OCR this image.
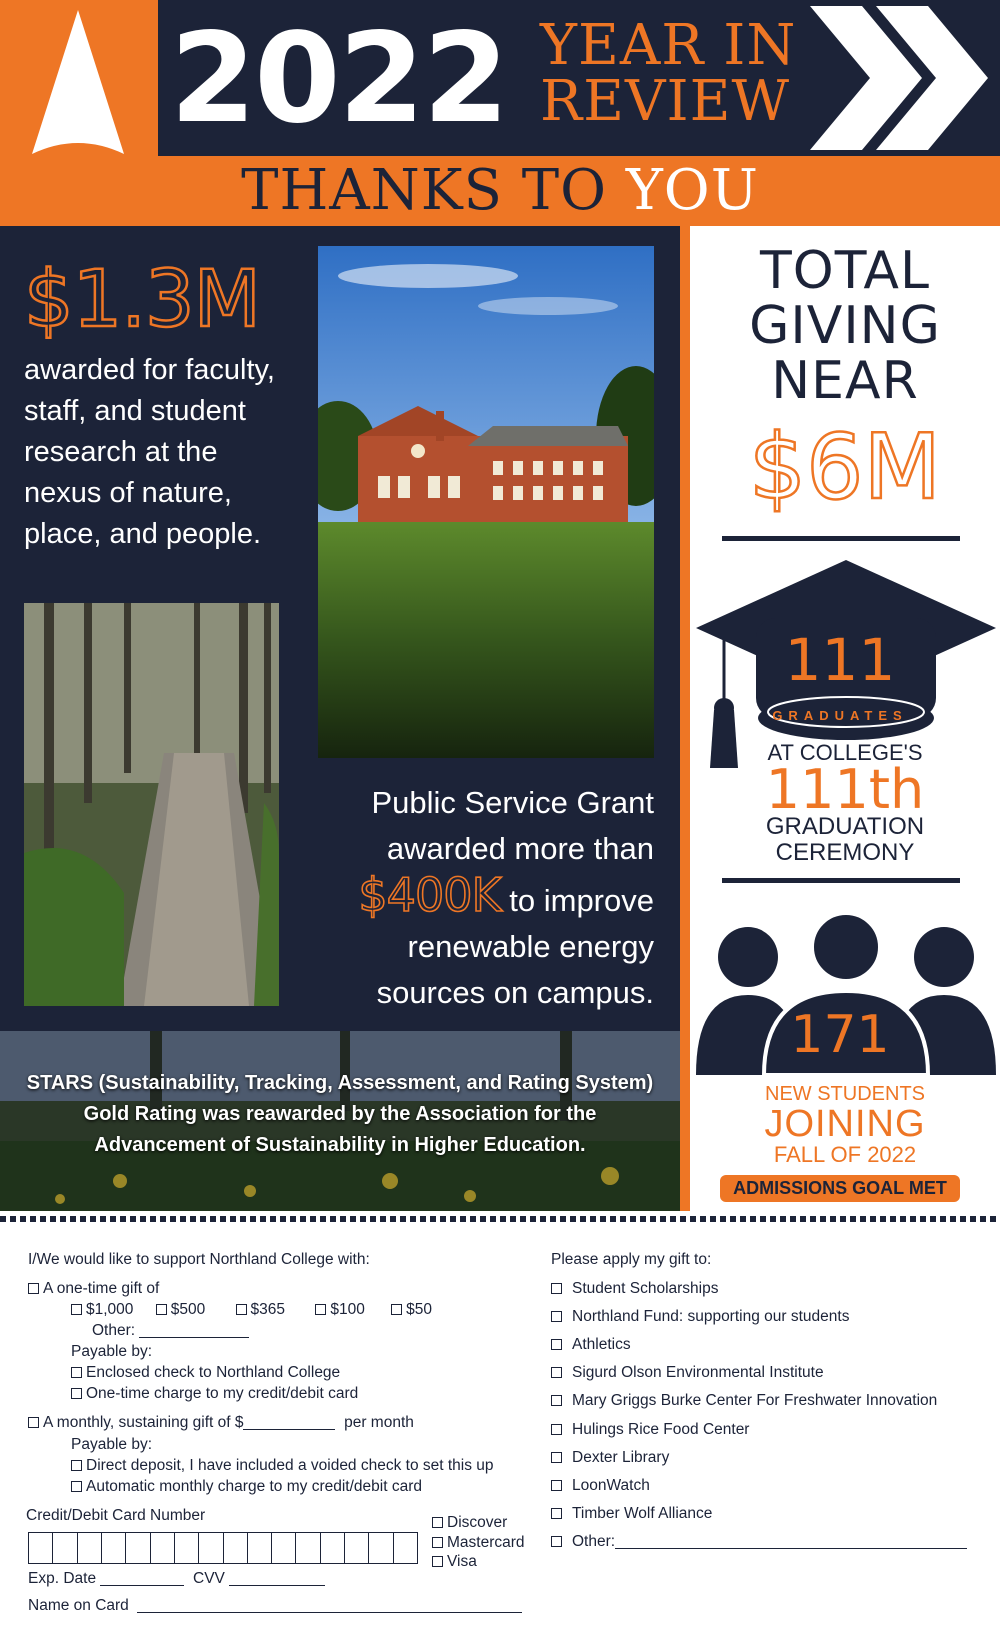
2022 YEAR IN
REVIEW
THANKS TO YOU
$1.3M
awarded for faculty, staff, and student research at the nexus of nature, place, and people.
Public Service Grant
awarded more than
$400K to improve
renewable energy
sources on campus.
STARS (Sustainability, Tracking, Assessment, and Rating System) Gold Rating was reawarded by the Association for the Advancement of Sustainability in Higher Education.
TOTAL
GIVING
NEAR
$6M
111
GRADUATES
AT COLLEGE'S
111th
GRADUATION
CEREMONY
171
NEW STUDENTS
JOINING
FALL OF 2022
ADMISSIONS GOAL MET
I/We would like to support Northland College with:
A one-time gift of
$1,000 $500	$365	$100	$50
Other:
Payable by:
Enclosed check to Northland College
One-time charge to my credit/debit card
A monthly, sustaining gift of $	per month
Payable by:
Direct deposit, I have included a voided check to set this up
Automatic monthly charge to my credit/debit card
Credit/Debit Card Number	Discover
Mastercard
Visa
Exp. Date	CVV
Name on Card
Please apply my gift to:
Student Scholarships
Northland Fund: supporting our students
Athletics
Sigurd Olson Environmental Institute
Mary Griggs Burke Center For Freshwater Innovation
Hulings Rice Food Center
Dexter Library
LoonWatch
Timber Wolf Alliance
Other:
